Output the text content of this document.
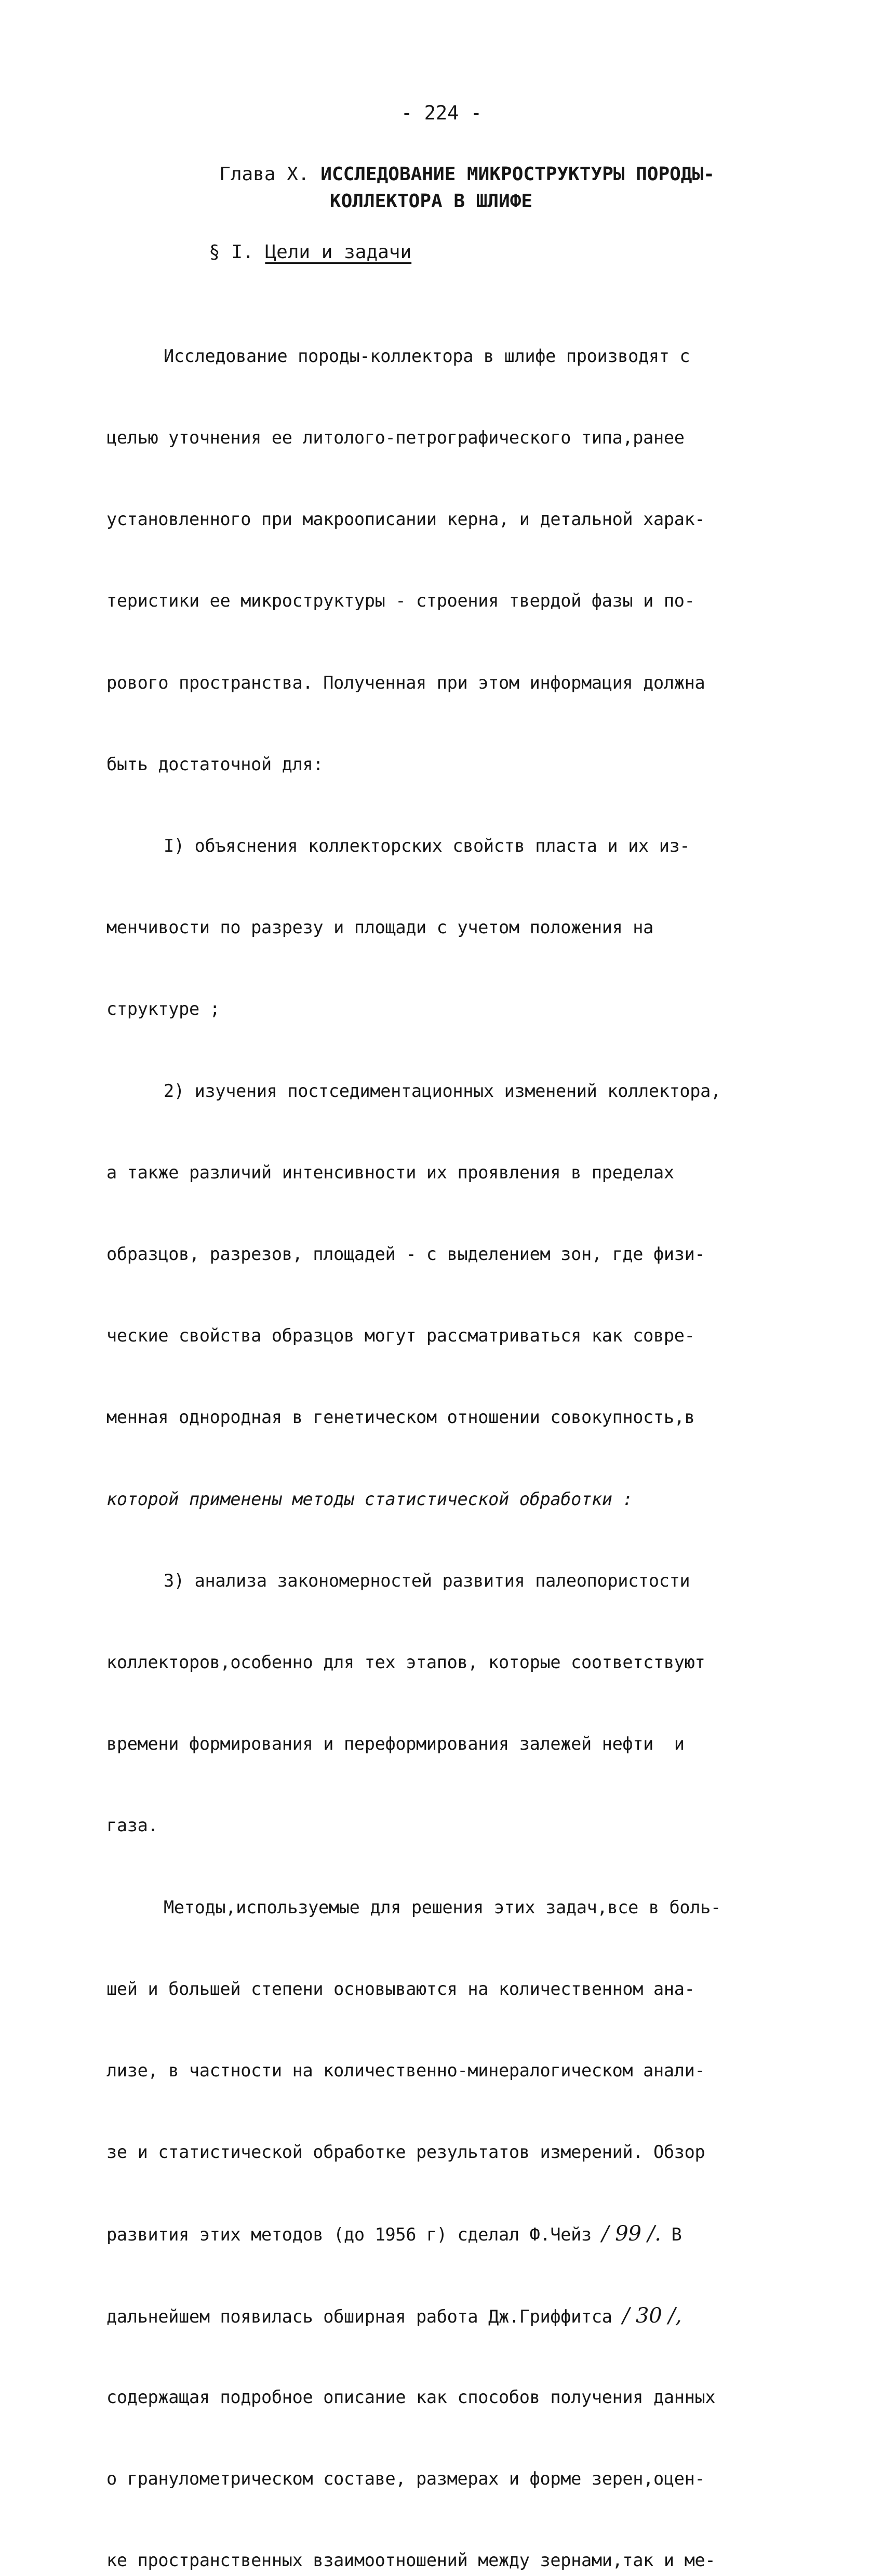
- 224 -
Глава X. ИССЛЕДОВАНИЕ МИКРОСТРУКТУРЫ ПОРОДЫ-
КОЛЛЕКТОРА В ШЛИФЕ
§ I. Цели и задачи

Исследование породы-коллектора в шлифе производят с

целью уточнения ее литолого-петрографического типа,ранее

установленного при макроописании керна, и детальной харак-

теристики ее микроструктуры - строения твердой фазы и по-

рового пространства. Полученная при этом информация должна

быть достаточной для:

I) объяснения коллекторских свойств пласта и их из-

менчивости по разрезу и площади с учетом положения на

структуре ;

2) изучения постседиментационных изменений коллектора,

а также различий интенсивности их проявления в пределах

образцов, разрезов, площадей - с выделением зон, где физи-

ческие свойства образцов могут рассматриваться как совре-

менная однородная в генетическом отношении совокупность,в

которой применены методы статистической обработки :

3) анализа закономерностей развития палеопористости

коллекторов,особенно для тех этапов, которые соответствуют

времени формирования и переформирования залежей нефти  и

газа.

Методы,используемые для решения этих задач,все в боль-

шей и большей степени основываются на количественном ана-

лизе, в частности на количественно-минералогическом анали-

зе и статистической обработке результатов измерений. Обзор

развития этих методов (до 1956 г) сделал Ф.Чейз / 99 /. В

дальнейшем появилась обширная работа Дж.Гриффитса / 30 /,

содержащая подробное описание как способов получения данных

о гранулометрическом составе, размерах и форме зерен,оцен-

ке пространственных взаимоотношений между зернами,так и ме-
